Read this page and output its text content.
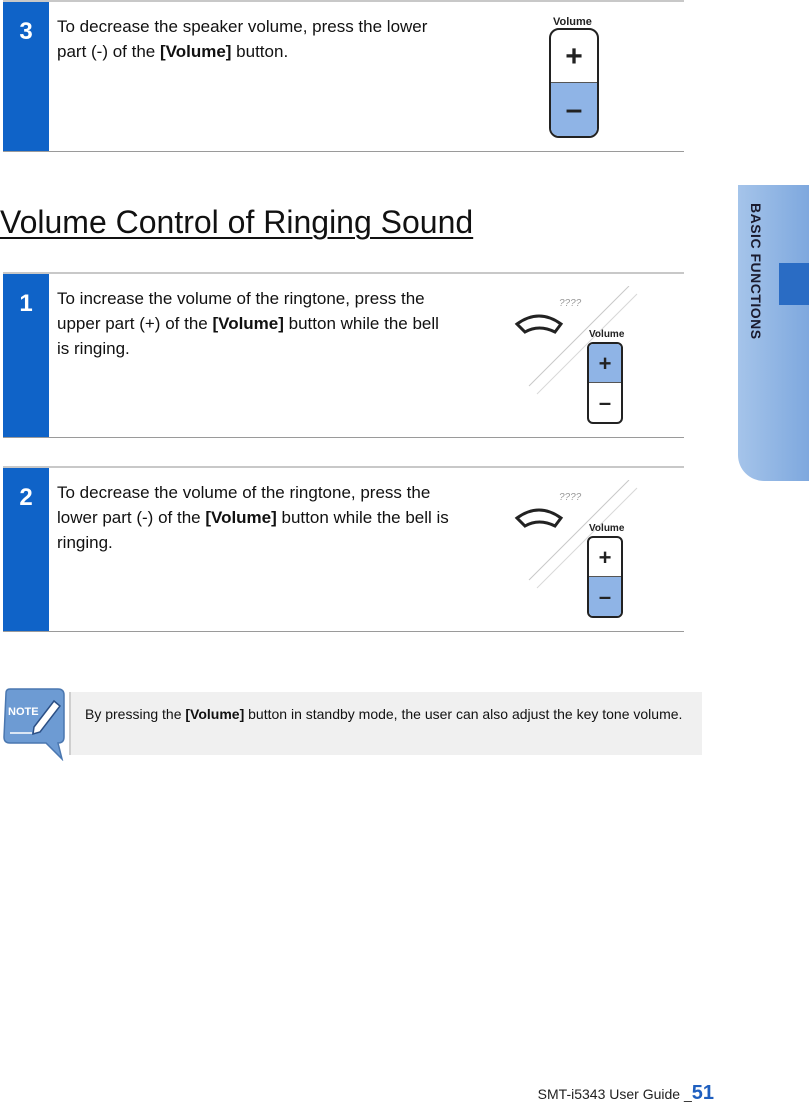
3	To decrease the speaker volume, press the lower part (-) of the [Volume] button.
Volume
+
–
Volume Control of Ringing Sound
1	To increase the volume of the ringtone, press the upper part (+) of the [Volume] button while the bell is ringing.
????
Volume
+
–
2	To decrease the volume of the ringtone, press the lower part (-) of the [Volume] button while the bell is ringing.
????
Volume
+
–
NOTE	By pressing the [Volume] button in standby mode, the user can also adjust the key tone volume.
BASIC FUNCTIONS
SMT-i5343 User Guide _51
